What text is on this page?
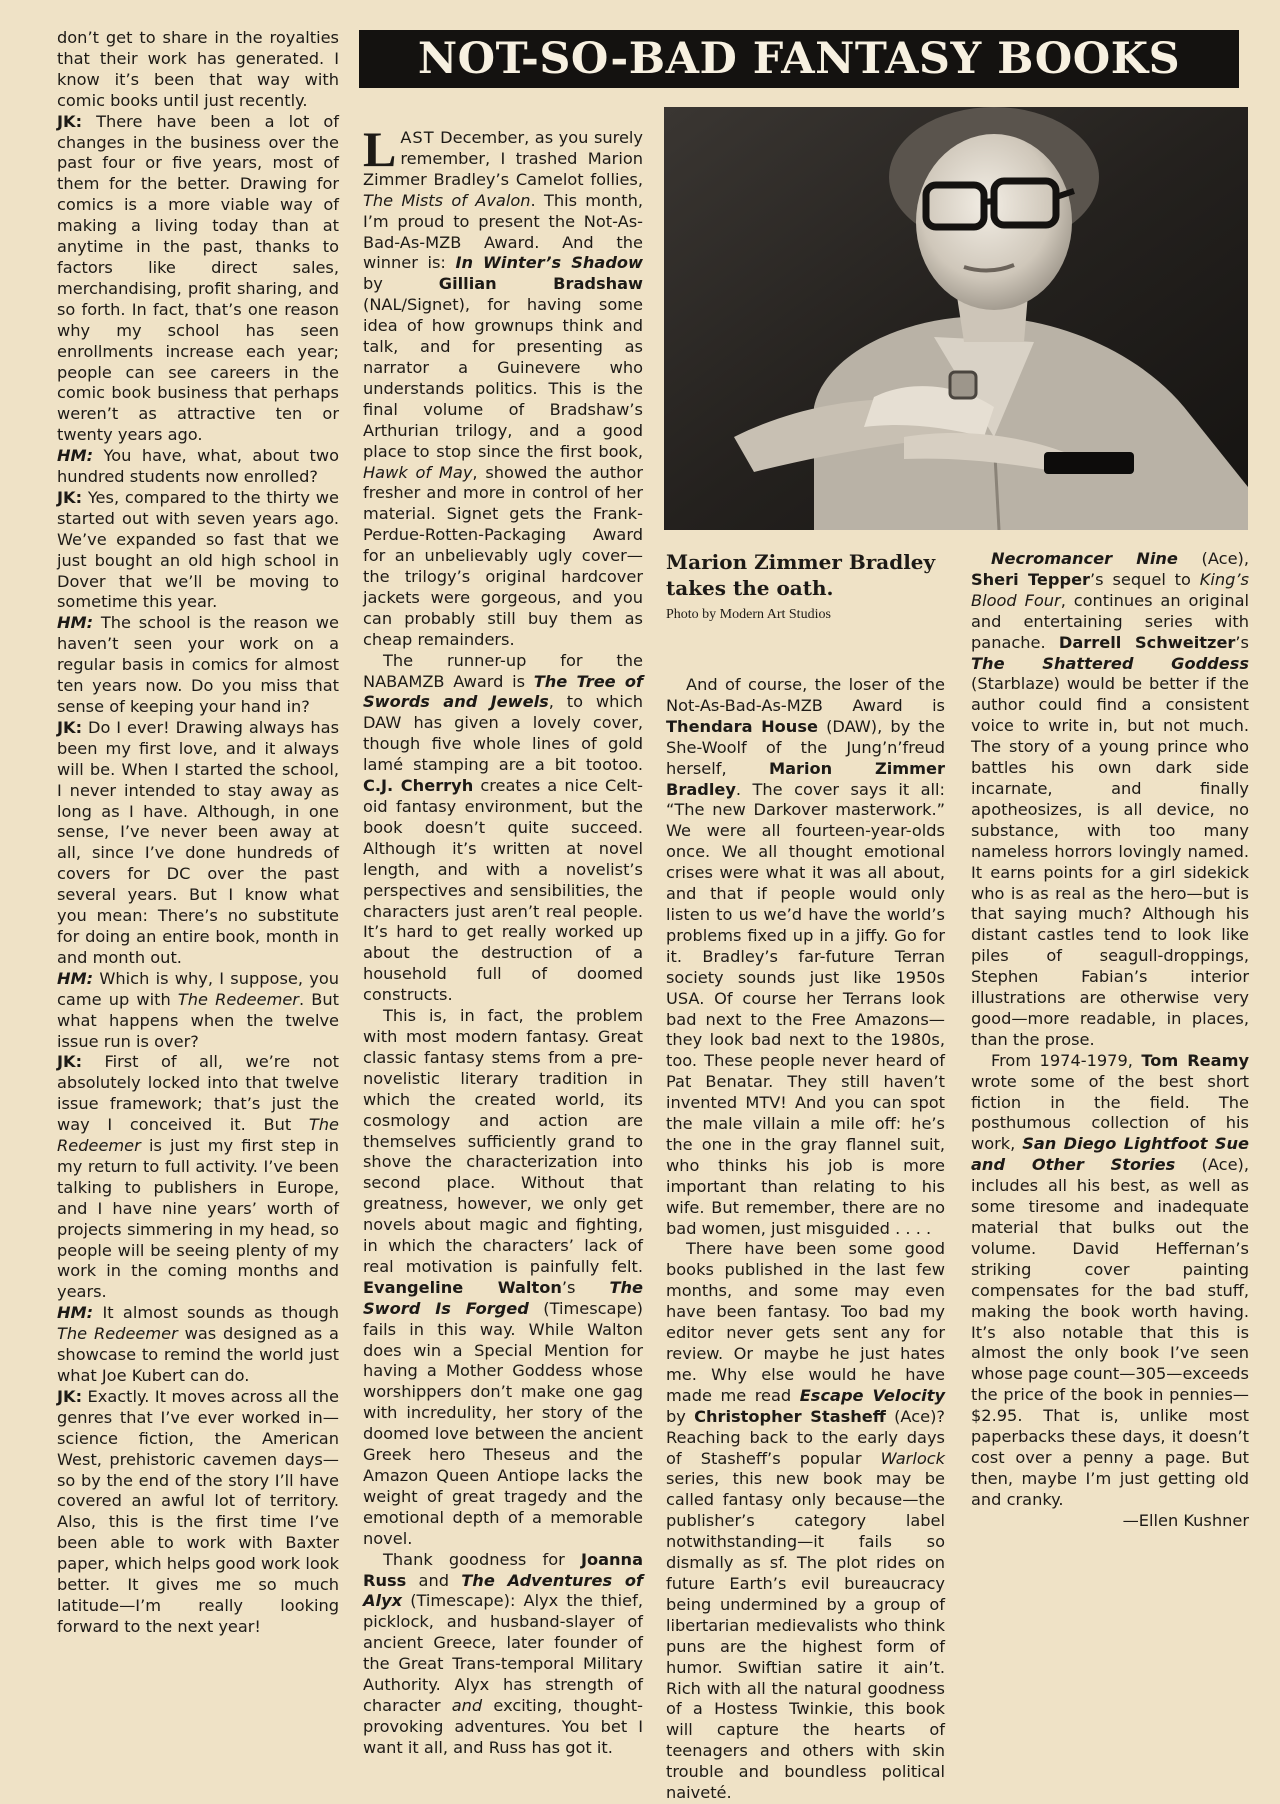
don’t get to share in the royalties that their work has generated. I know it’s been that way with comic books until just recently.

JK: There have been a lot of changes in the business over the past four or five years, most of them for the better. Drawing for comics is a more viable way of making a living today than at anytime in the past, thanks to factors like direct sales, merchandising, profit sharing, and so forth. In fact, that’s one reason why my school has seen enrollments increase each year; people can see careers in the comic book business that perhaps weren’t as attractive ten or twenty years ago.

HM: You have, what, about two hundred students now enrolled?

JK: Yes, compared to the thirty we started out with seven years ago. We’ve expanded so fast that we just bought an old high school in Dover that we’ll be moving to sometime this year.

HM: The school is the reason we haven’t seen your work on a regular basis in comics for almost ten years now. Do you miss that sense of keeping your hand in?

JK: Do I ever! Drawing always has been my first love, and it always will be. When I started the school, I never intended to stay away as long as I have. Although, in one sense, I’ve never been away at all, since I’ve done hundreds of covers for DC over the past several years. But I know what you mean: There’s no substitute for doing an entire book, month in and month out.

HM: Which is why, I suppose, you came up with The Redeemer. But what happens when the twelve issue run is over?

JK: First of all, we’re not absolutely locked into that twelve issue framework; that’s just the way I conceived it. But The Redeemer is just my first step in my return to full activity. I’ve been talking to publishers in Europe, and I have nine years’ worth of projects simmering in my head, so people will be seeing plenty of my work in the coming months and years.

HM: It almost sounds as though The Redeemer was designed as a showcase to remind the world just what Joe Kubert can do.

JK: Exactly. It moves across all the genres that I’ve ever worked in—science fiction, the American West, prehistoric cavemen days—so by the end of the story I’ll have covered an awful lot of territory. Also, this is the first time I’ve been able to work with Baxter paper, which helps good work look better. It gives me so much latitude—I’m really looking forward to the next year!

NOT-SO-BAD FANTASY BOOKS
Marion Zimmer Bradley takes the oath.
Photo by Modern Art Studios

LAST December, as you surely remember, I trashed Marion Zimmer Bradley’s Camelot follies, The Mists of Avalon. This month, I’m proud to present the Not-As-Bad-As-MZB Award. And the winner is: In Winter’s Shadow by Gillian Bradshaw (NAL/Signet), for having some idea of how grownups think and talk, and for presenting as narrator a Guinevere who understands politics. This is the final volume of Bradshaw’s Arthurian trilogy, and a good place to stop since the first book, Hawk of May, showed the author fresher and more in control of her material. Signet gets the Frank-Perdue-Rotten-Packaging Award for an unbelievably ugly cover—the trilogy’s original hardcover jackets were gorgeous, and you can probably still buy them as cheap remainders.

The runner-up for the NABAMZB Award is The Tree of Swords and Jewels, to which DAW has given a lovely cover, though five whole lines of gold lamé stamping are a bit tootoo. C.J. Cherryh creates a nice Celt-oid fantasy environment, but the book doesn’t quite succeed. Although it’s written at novel length, and with a novelist’s perspectives and sensibilities, the characters just aren’t real people. It’s hard to get really worked up about the destruction of a household full of doomed constructs.

This is, in fact, the problem with most modern fantasy. Great classic fantasy stems from a pre-novelistic literary tradition in which the created world, its cosmology and action are themselves sufficiently grand to shove the characterization into second place. Without that greatness, however, we only get novels about magic and fighting, in which the characters’ lack of real motivation is painfully felt. Evangeline Walton’s The Sword Is Forged (Timescape) fails in this way. While Walton does win a Special Mention for having a Mother Goddess whose worshippers don’t make one gag with incredulity, her story of the doomed love between the ancient Greek hero Theseus and the Amazon Queen Antiope lacks the weight of great tragedy and the emotional depth of a memorable novel.

Thank goodness for Joanna Russ and The Adventures of Alyx (Timescape): Alyx the thief, picklock, and husband-slayer of ancient Greece, later founder of the Great Trans-temporal Military Authority. Alyx has strength of character and exciting, thought-provoking adventures. You bet I want it all, and Russ has got it.

And of course, the loser of the Not-As-Bad-As-MZB Award is Thendara House (DAW), by the She-Woolf of the Jung’n’freud herself, Marion Zimmer Bradley. The cover says it all: “The new Darkover masterwork.” We were all fourteen-year-olds once. We all thought emotional crises were what it was all about, and that if people would only listen to us we’d have the world’s problems fixed up in a jiffy. Go for it. Bradley’s far-future Terran society sounds just like 1950s USA. Of course her Terrans look bad next to the Free Amazons—they look bad next to the 1980s, too. These people never heard of Pat Benatar. They still haven’t invented MTV! And you can spot the male villain a mile off: he’s the one in the gray flannel suit, who thinks his job is more important than relating to his wife. But remember, there are no bad women, just misguided . . . .

There have been some good books published in the last few months, and some may even have been fantasy. Too bad my editor never gets sent any for review. Or maybe he just hates me. Why else would he have made me read Escape Velocity by Christopher Stasheff (Ace)? Reaching back to the early days of Stasheff’s popular Warlock series, this new book may be called fantasy only because—the publisher’s category label notwithstanding—it fails so dismally as sf. The plot rides on future Earth’s evil bureaucracy being undermined by a group of libertarian medievalists who think puns are the highest form of humor. Swiftian satire it ain’t. Rich with all the natural goodness of a Hostess Twinkie, this book will capture the hearts of teenagers and others with skin trouble and boundless political naiveté.

Necromancer Nine (Ace), Sheri Tepper’s sequel to King’s Blood Four, continues an original and entertaining series with panache. Darrell Schweitzer’s The Shattered Goddess (Starblaze) would be better if the author could find a consistent voice to write in, but not much. The story of a young prince who battles his own dark side incarnate, and finally apotheosizes, is all device, no substance, with too many nameless horrors lovingly named. It earns points for a girl sidekick who is as real as the hero—but is that saying much? Although his distant castles tend to look like piles of seagull-droppings, Stephen Fabian’s interior illustrations are otherwise very good—more readable, in places, than the prose.

From 1974-1979, Tom Reamy wrote some of the best short fiction in the field. The posthumous collection of his work, San Diego Lightfoot Sue and Other Stories (Ace), includes all his best, as well as some tiresome and inadequate material that bulks out the volume. David Heffernan’s striking cover painting compensates for the bad stuff, making the book worth having. It’s also notable that this is almost the only book I’ve seen whose page count—305—exceeds the price of the book in pennies—$2.95. That is, unlike most paperbacks these days, it doesn’t cost over a penny a page. But then, maybe I’m just getting old and cranky.

—Ellen Kushner
